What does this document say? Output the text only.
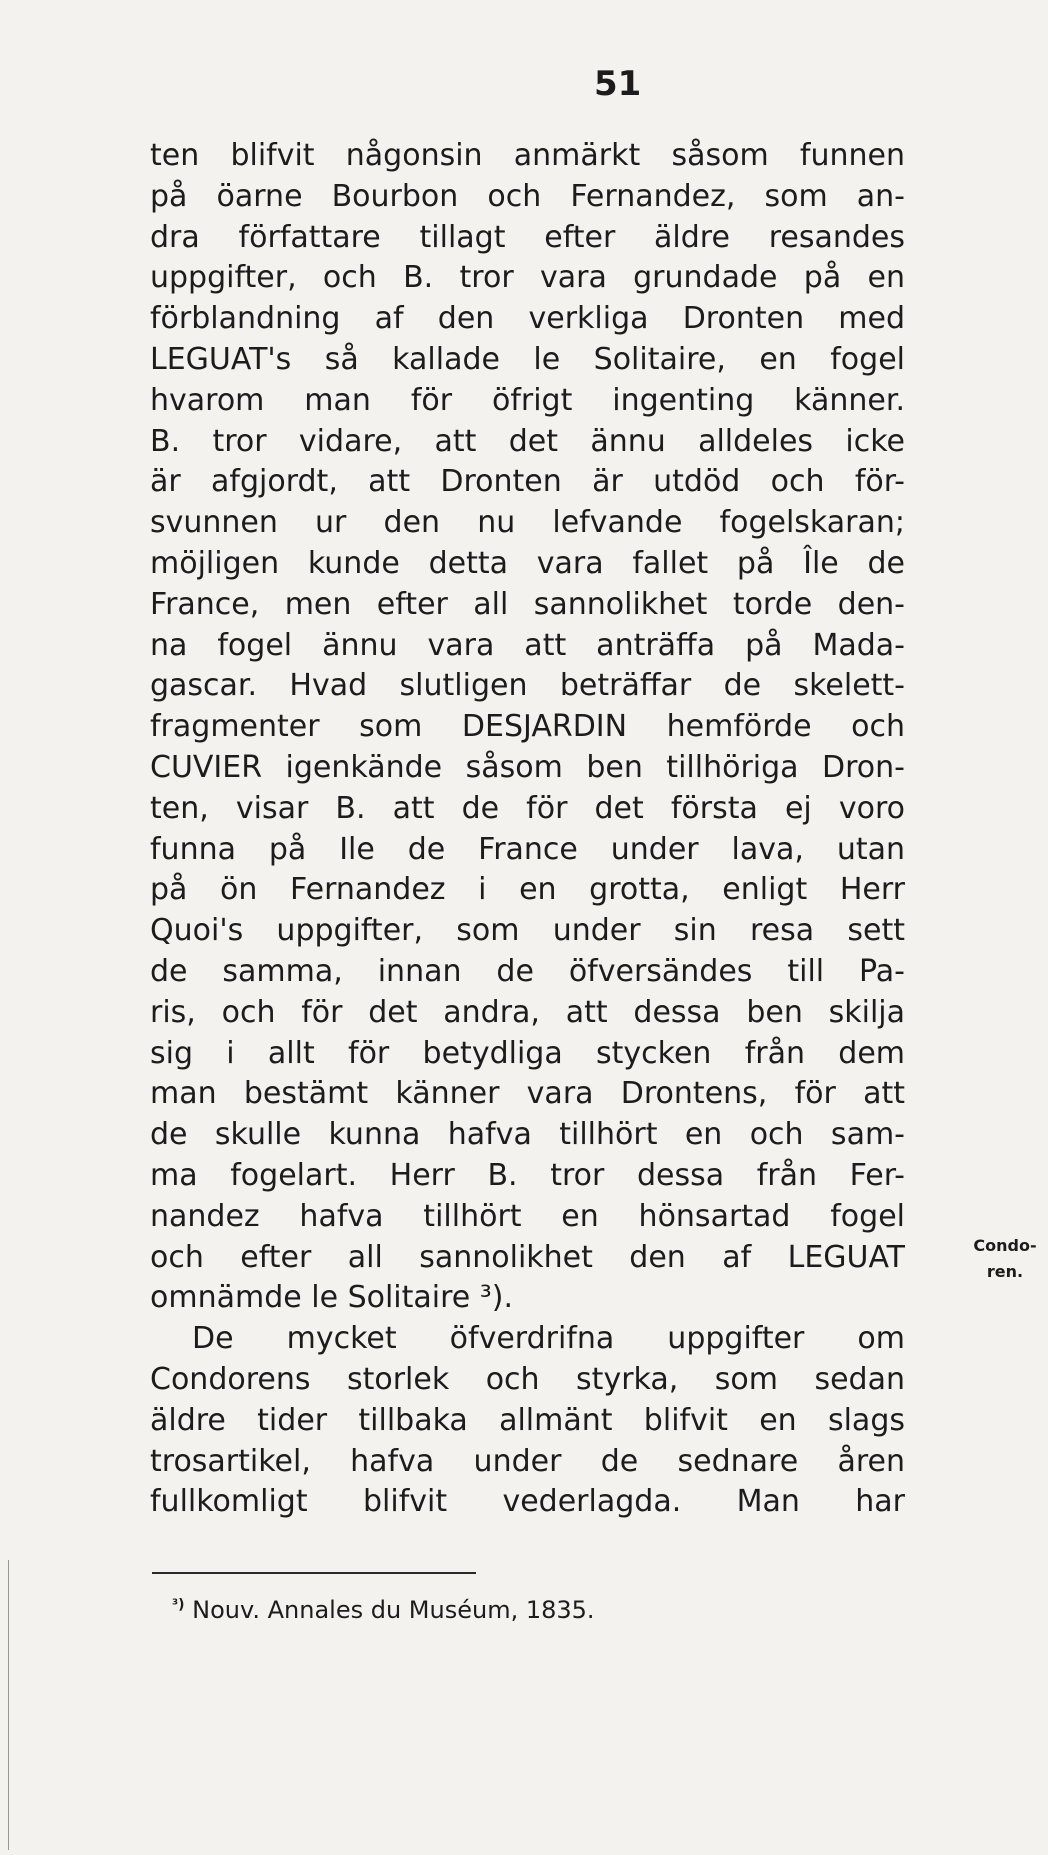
51
ten blifvit någonsin anmärkt såsom funnen
på öarne Bourbon och Fernandez, som an-
dra författare tillagt efter äldre resandes
uppgifter, och B. tror vara grundade på en
förblandning af den verkliga Dronten med
LEGUAT's så kallade le Solitaire, en fogel
hvarom man för öfrigt ingenting känner.
B. tror vidare, att det ännu alldeles icke
är afgjordt, att Dronten är utdöd och för-
svunnen ur den nu lefvande fogelskaran;
möjligen kunde detta vara fallet på Île de
France, men efter all sannolikhet torde den-
na fogel ännu vara att anträffa på Mada-
gascar. Hvad slutligen beträffar de skelett-
fragmenter som DESJARDIN hemförde och
CUVIER igenkände såsom ben tillhöriga Dron-
ten, visar B. att de för det första ej voro
funna på Ile de France under lava, utan
på ön Fernandez i en grotta, enligt Herr
Quoi's uppgifter, som under sin resa sett
de samma, innan de öfversändes till Pa-
ris, och för det andra, att dessa ben skilja
sig i allt för betydliga stycken från dem
man bestämt känner vara Drontens, för att
de skulle kunna hafva tillhört en och sam-
ma fogelart. Herr B. tror dessa från Fer-
nandez hafva tillhört en hönsartad fogel
och efter all sannolikhet den af LEGUAT
omnämde le Solitaire ³).
De mycket öfverdrifna uppgifter om
Condorens storlek och styrka, som sedan
äldre tider tillbaka allmänt blifvit en slags
trosartikel, hafva under de sednare åren
fullkomligt blifvit vederlagda. Man har
Condo-
ren.
$^{^3)}$ Nouv. Annales du Muséum, 1835.
